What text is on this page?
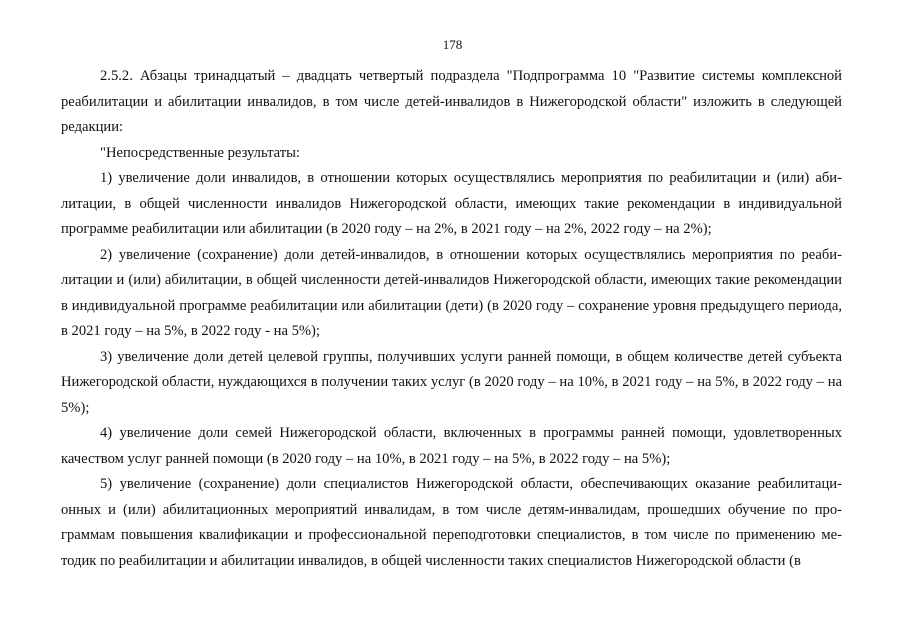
178

2.5.2. Абзацы тринадцатый – двадцать четвертый подраздела "Подпрограмма 10 "Развитие системы комплексной реабилитации и абилитации инвалидов, в том числе детей-инвалидов в Нижегородской области" изложить в следующей редакции:

"Непосредственные результаты:

1) увеличение доли инвалидов, в отношении которых осуществлялись мероприятия по реабилитации и (или) абилитации, в общей численности инвалидов Нижегородской области, имеющих такие рекомендации в индивидуальной программе реабилитации или абилитации (в 2020 году – на 2%, в 2021 году – на 2%, 2022 году – на 2%);

2) увеличение (сохранение) доли детей-инвалидов, в отношении которых осуществлялись мероприятия по реабилитации и (или) абилитации, в общей численности детей-инвалидов Нижегородской области, имеющих такие рекомендации в индивидуальной программе реабилитации или абилитации (дети) (в 2020 году – сохранение уровня предыдущего периода, в 2021 году – на 5%, в 2022 году - на 5%);

3) увеличение доли детей целевой группы, получивших услуги ранней помощи, в общем количестве детей субъекта Нижегородской области, нуждающихся в получении таких услуг (в 2020 году – на 10%, в 2021 году – на 5%, в 2022 году – на 5%);

4) увеличение доли семей Нижегородской области, включенных в программы ранней помощи, удовлетворенных качеством услуг ранней помощи (в 2020 году – на 10%, в 2021 году – на 5%, в 2022 году – на 5%);

5) увеличение (сохранение) доли специалистов Нижегородской области, обеспечивающих оказание реабилитационных и (или) абилитационных мероприятий инвалидам, в том числе детям-инвалидам, прошедших обучение по программам повышения квалификации и профессиональной переподготовки специалистов, в том числе по применению методик по реабилитации и абилитации инвалидов, в общей численности таких специалистов Нижегородской области (в
